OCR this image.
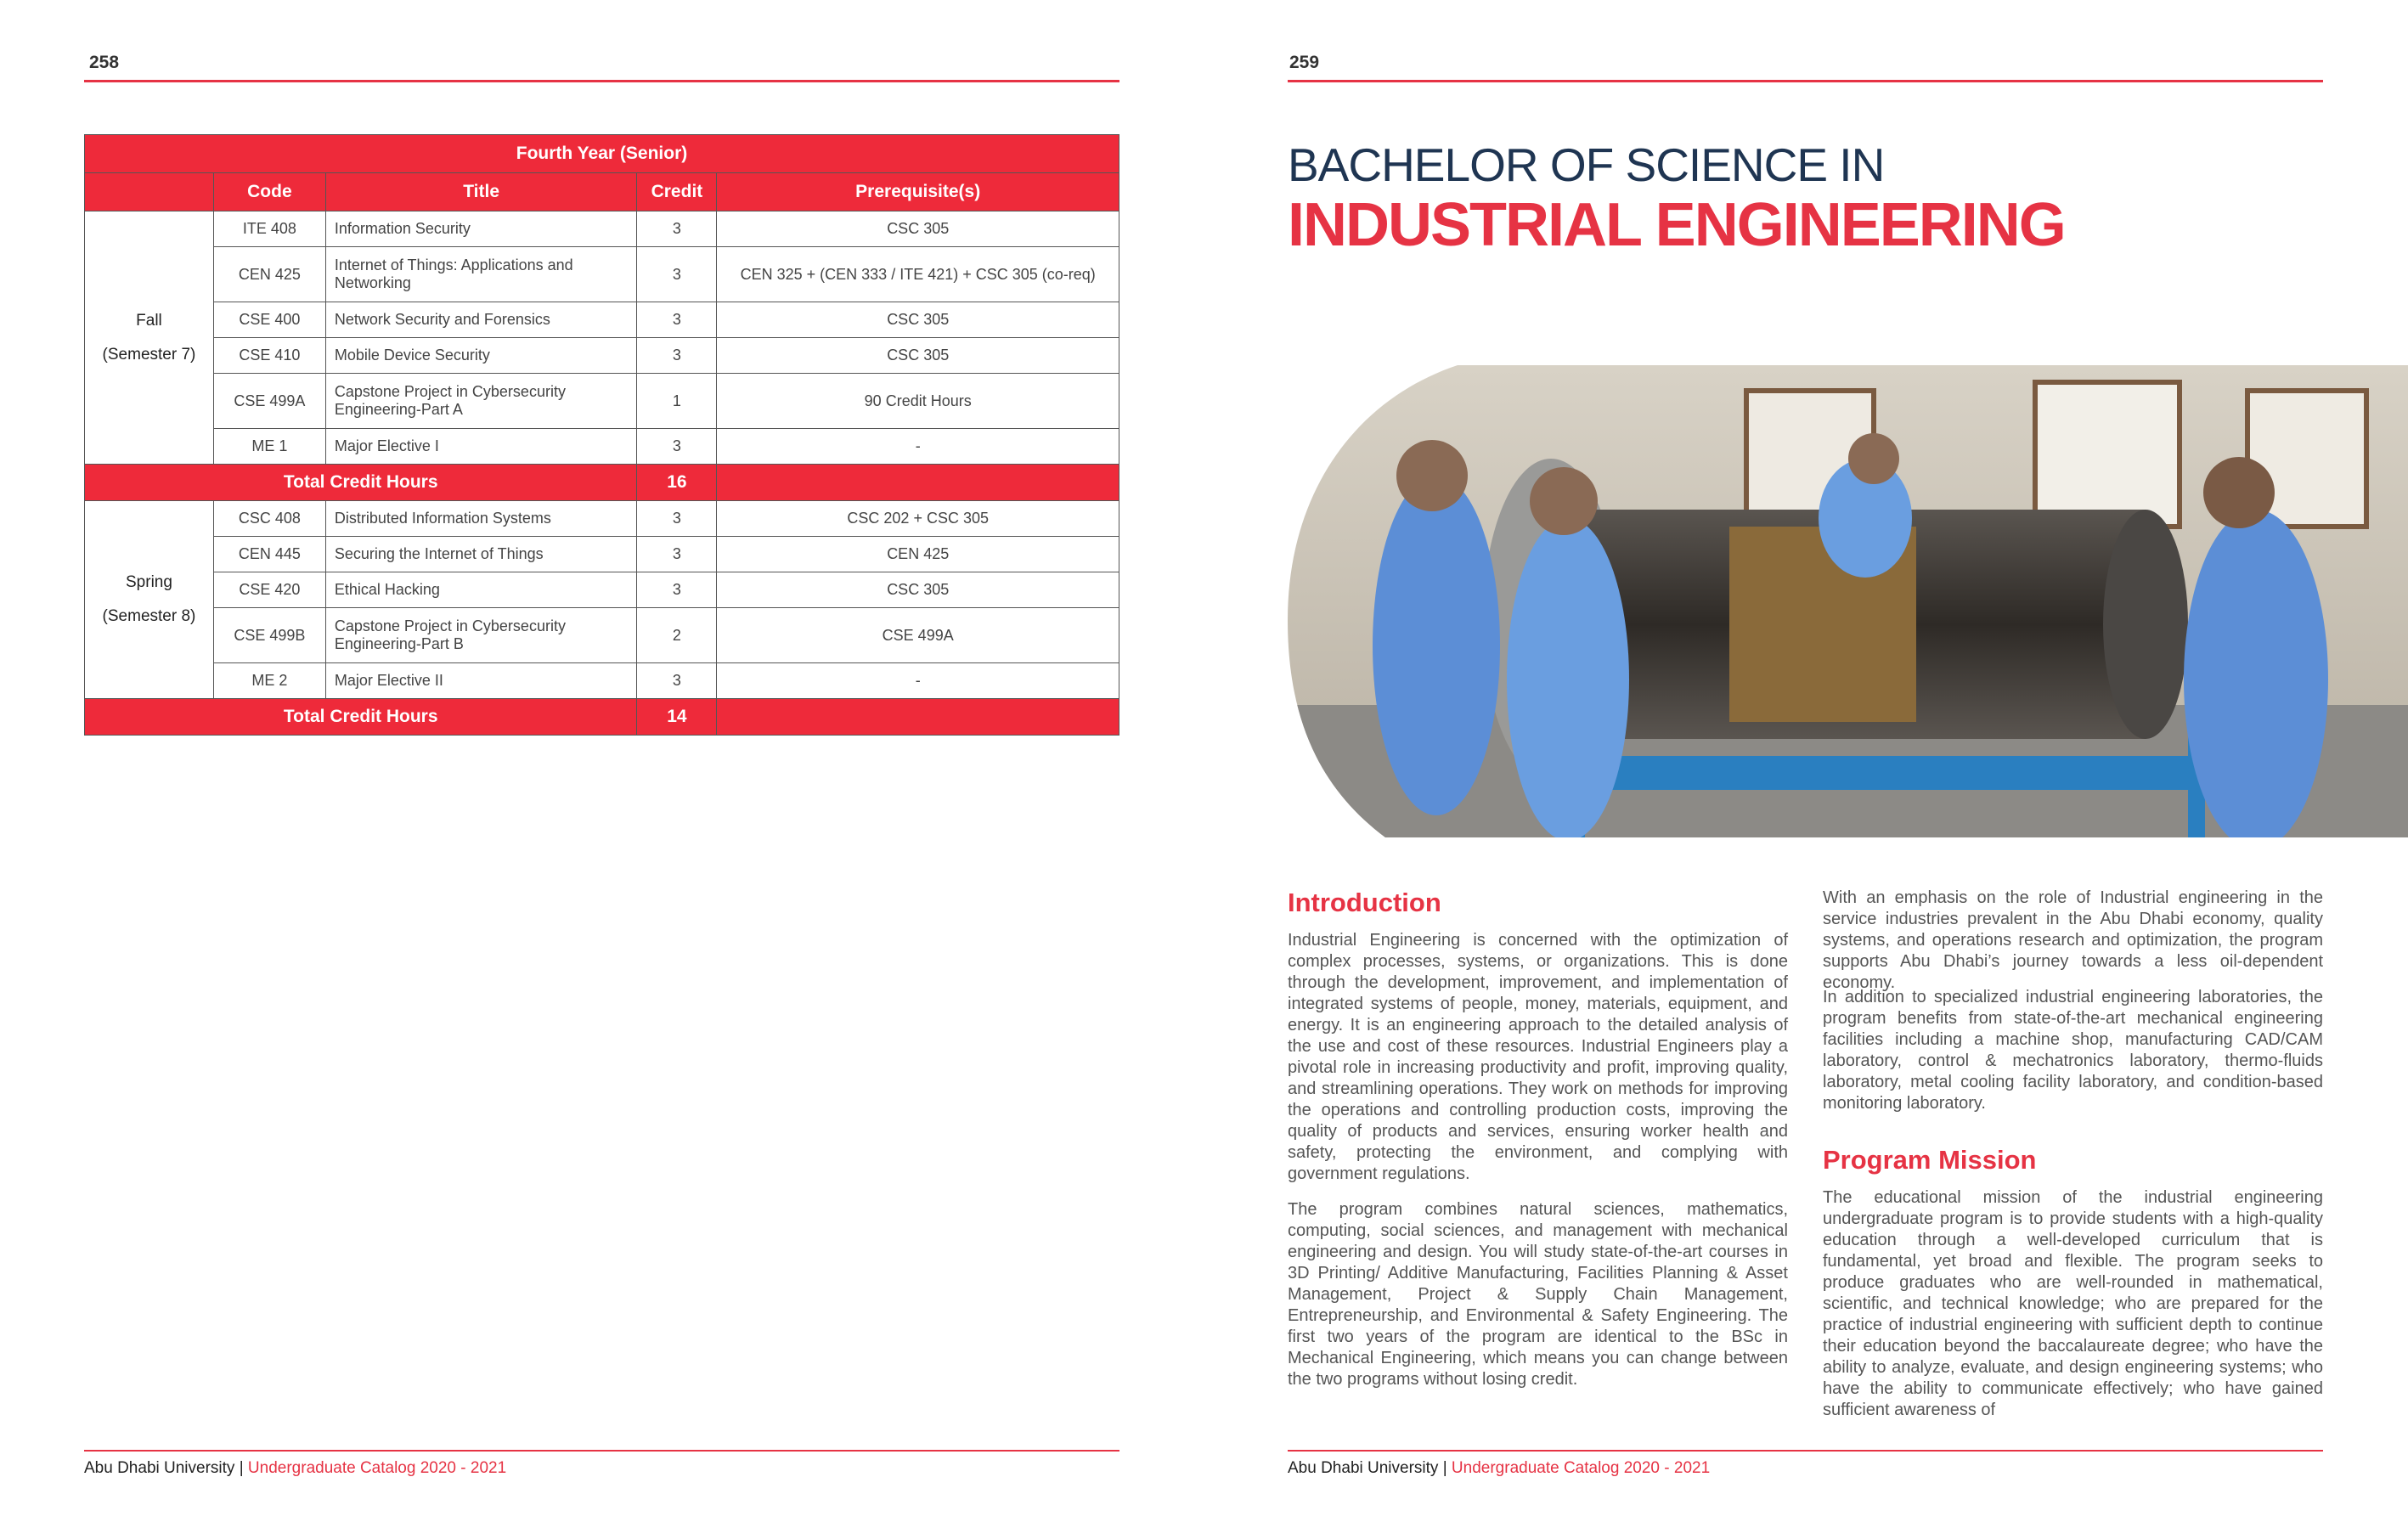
258
Fourth Year (Senior)				
	Code	Title	Credit	Prerequisite(s)

Fall
(Semester 7)	ITE 408	Information Security	3	CSC 305
	CEN 425	Internet of Things: Applications and Networking	3	CEN 325 + (CEN 333 / ITE 421) + CSC 305 (co-req)
	CSE 400	Network Security and Forensics	3	CSC 305
	CSE 410	Mobile Device Security	3	CSC 305
	CSE 499A	Capstone Project in Cybersecurity Engineering-Part A	1	90 Credit Hours
	ME 1	Major Elective I	3	-
Total Credit Hours			16	

Spring
(Semester 8)	CSC 408	Distributed Information Systems	3	CSC 202 + CSC 305
	CEN 445	Securing the Internet of Things	3	CEN 425
	CSE 420	Ethical Hacking	3	CSC 305
	CSE 499B	Capstone Project in Cybersecurity Engineering-Part B	2	CSE 499A
	ME 2	Major Elective II	3	-
Total Credit Hours			14	
Abu Dhabi University | Undergraduate Catalog 2020 - 2021
259
BACHELOR OF SCIENCE IN
INDUSTRIAL ENGINEERING
Introduction

Industrial Engineering is concerned with the optimization of complex processes, systems, or organizations. This is done through the development, improvement, and implementation of integrated systems of people, money, materials, equipment, and energy. It is an engineering approach to the detailed analysis of the use and cost of these resources. Industrial Engineers play a pivotal role in increasing productivity and profit, improving quality, and streamlining operations. They work on methods for improving the operations and controlling production costs, improving the quality of products and services, ensuring worker health and safety, protecting the environment, and complying with government regulations.

The program combines natural sciences, mathematics, computing, social sciences, and management with mechanical engineering and design. You will study state-of-the-art courses in 3D Printing/ Additive Manufacturing, Facilities Planning & Asset Management, Project & Supply Chain Management, Entrepreneurship, and Environmental & Safety Engineering. The first two years of the program are identical to the BSc in Mechanical Engineering, which means you can change between the two programs without losing credit.

With an emphasis on the role of Industrial engineering in the service industries prevalent in the Abu Dhabi economy, quality systems, and operations research and optimization, the program supports Abu Dhabi’s journey towards a less oil-dependent economy.

In addition to specialized industrial engineering laboratories, the program benefits from state-of-the-art mechanical engineering facilities including a machine shop, manufacturing CAD/CAM laboratory, control & mechatronics laboratory, thermo-fluids laboratory, metal cooling facility laboratory, and condition-based monitoring laboratory.

Program Mission

The educational mission of the industrial engineering undergraduate program is to provide students with a high-quality education through a well-developed curriculum that is fundamental, yet broad and flexible. The program seeks to produce graduates who are well-rounded in mathematical, scientific, and technical knowledge; who are prepared for the practice of industrial engineering with sufficient depth to continue their education beyond the baccalaureate degree; who have the ability to analyze, evaluate, and design engineering systems; who have the ability to communicate effectively; who have gained sufficient awareness of

Abu Dhabi University | Undergraduate Catalog 2020 - 2021
